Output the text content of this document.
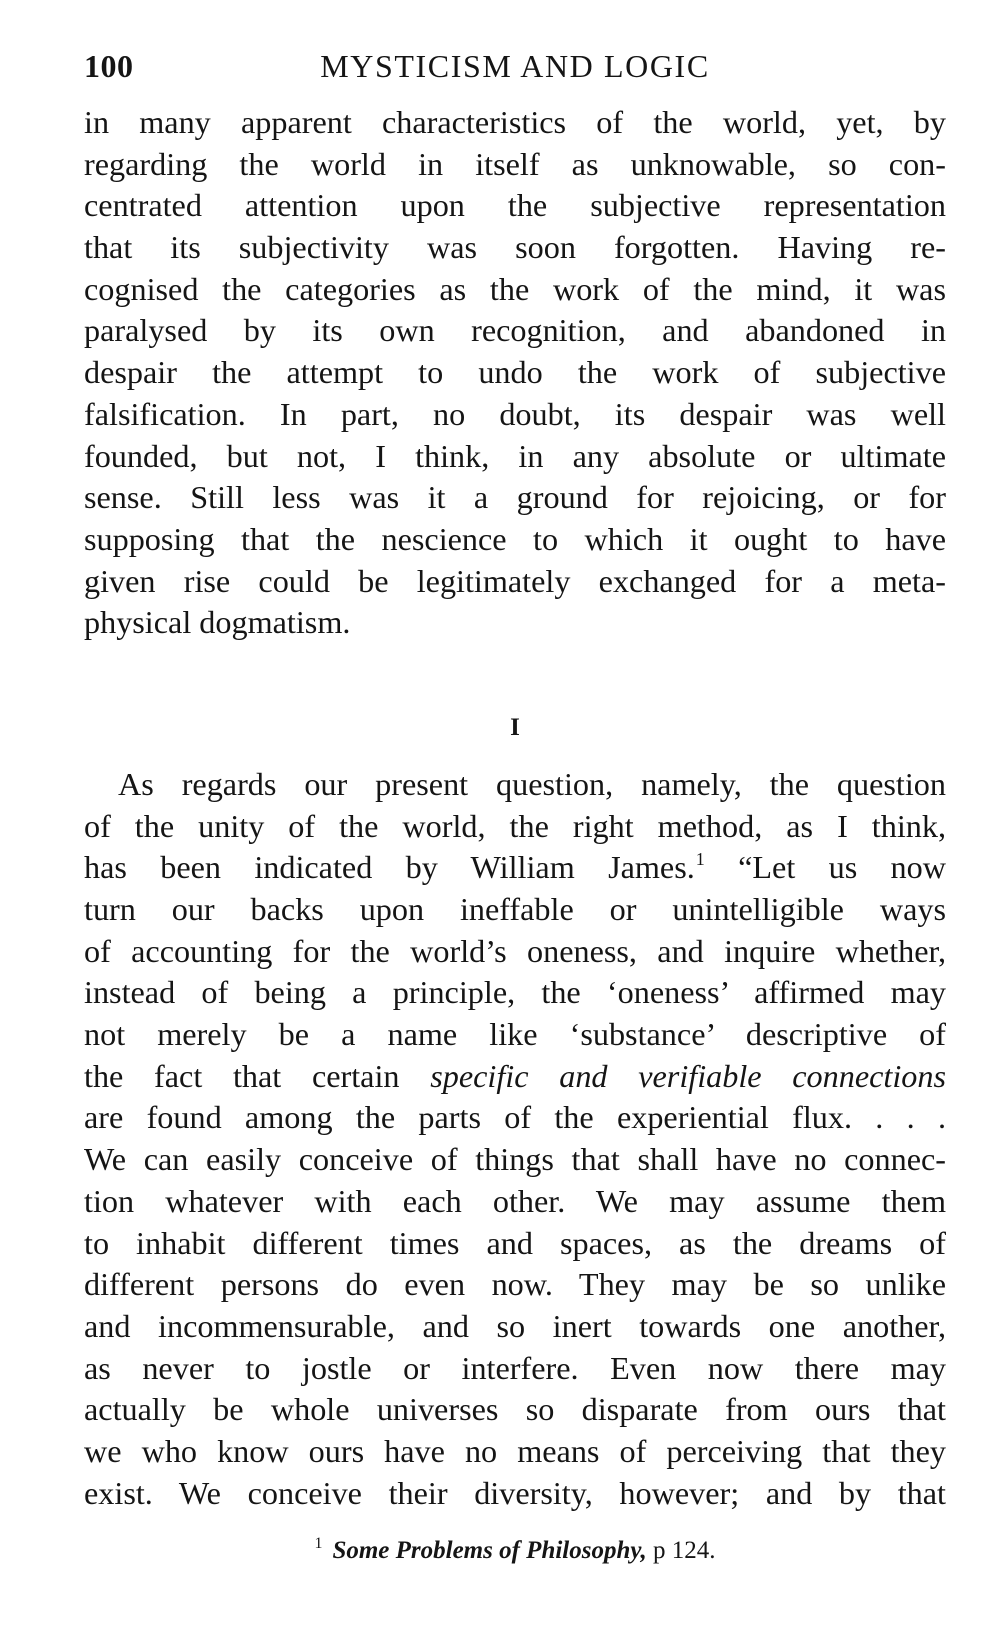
100	MYSTICISM AND LOGIC
in many apparent characteristics of the world, yet, by
regarding the world in itself as unknowable, so con-
centrated attention upon the subjective representation
that its subjectivity was soon forgotten. Having re-
cognised the categories as the work of the mind, it was
paralysed by its own recognition, and abandoned in
despair the attempt to undo the work of subjective
falsification. In part, no doubt, its despair was well
founded, but not, I think, in any absolute or ultimate
sense. Still less was it a ground for rejoicing, or for
supposing that the nescience to which it ought to have
given rise could be legitimately exchanged for a meta-
physical dogmatism.
I
As regards our present question, namely, the question
of the unity of the world, the right method, as I think,
has been indicated by William James.$^1$ “Let us now
turn our backs upon ineffable or unintelligible ways
of accounting for the world’s oneness, and inquire whether,
instead of being a principle, the ‘oneness’ affirmed may
not merely be a name like ‘substance’ descriptive of
the fact that certain specific and verifiable connections
are found among the parts of the experiential flux. . . .
We can easily conceive of things that shall have no connec-
tion whatever with each other. We may assume them
to inhabit different times and spaces, as the dreams of
different persons do even now. They may be so unlike
and incommensurable, and so inert towards one another,
as never to jostle or interfere. Even now there may
actually be whole universes so disparate from ours that
we who know ours have no means of perceiving that they
exist. We conceive their diversity, however; and by that
$^1$ Some Problems of Philosophy, p 124.
